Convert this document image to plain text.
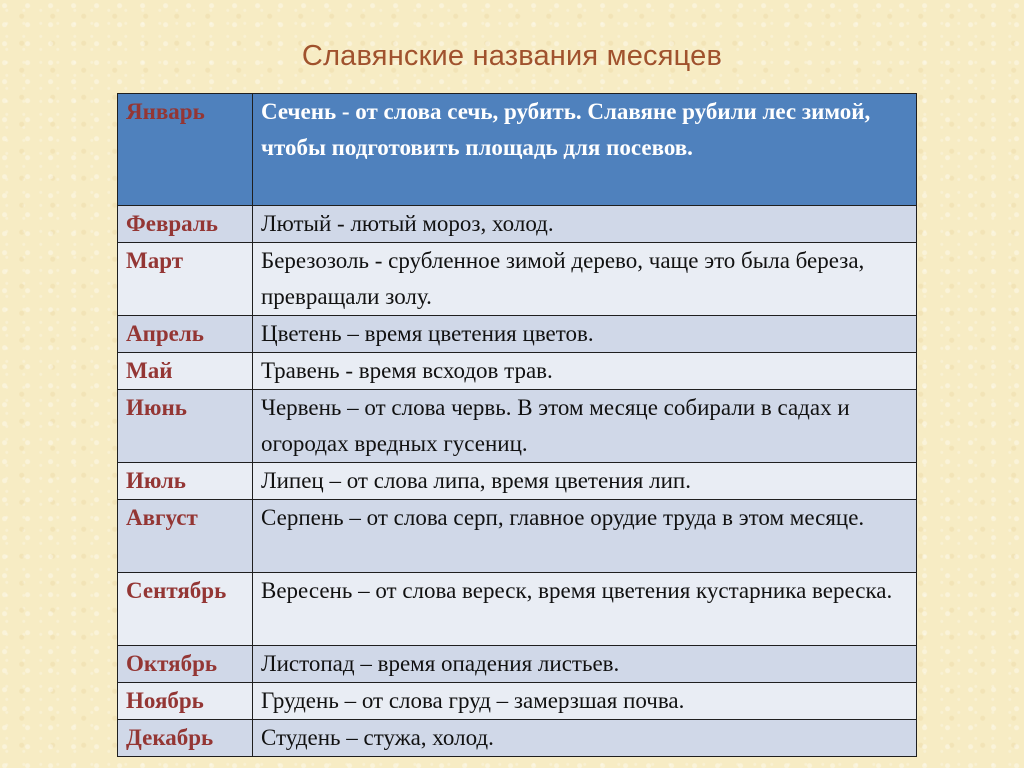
Славянские названия месяцев
Январь	Сечень - от слова сечь, рубить. Славяне рубили лес зимой, чтобы подготовить площадь для посевов.
Февраль	Лютый - лютый мороз, холод.
Март	Березозоль - срубленное зимой дерево, чаще это была береза, превращали золу.
Апрель	Цветень – время цветения цветов.
Май	Травень - время всходов трав.
Июнь	Червень – от слова червь. В этом месяце собирали в садах и огородах вредных гусениц.
Июль	Липец – от слова липа, время цветения лип.
Август	Серпень – от слова серп, главное орудие труда в этом месяце.
Сентябрь	Вересень – от слова вереск, время цветения кустарника вереска.
Октябрь	Листопад – время опадения листьев.
Ноябрь	Грудень – от слова груд – замерзшая почва.
Декабрь	Студень – стужа, холод.
